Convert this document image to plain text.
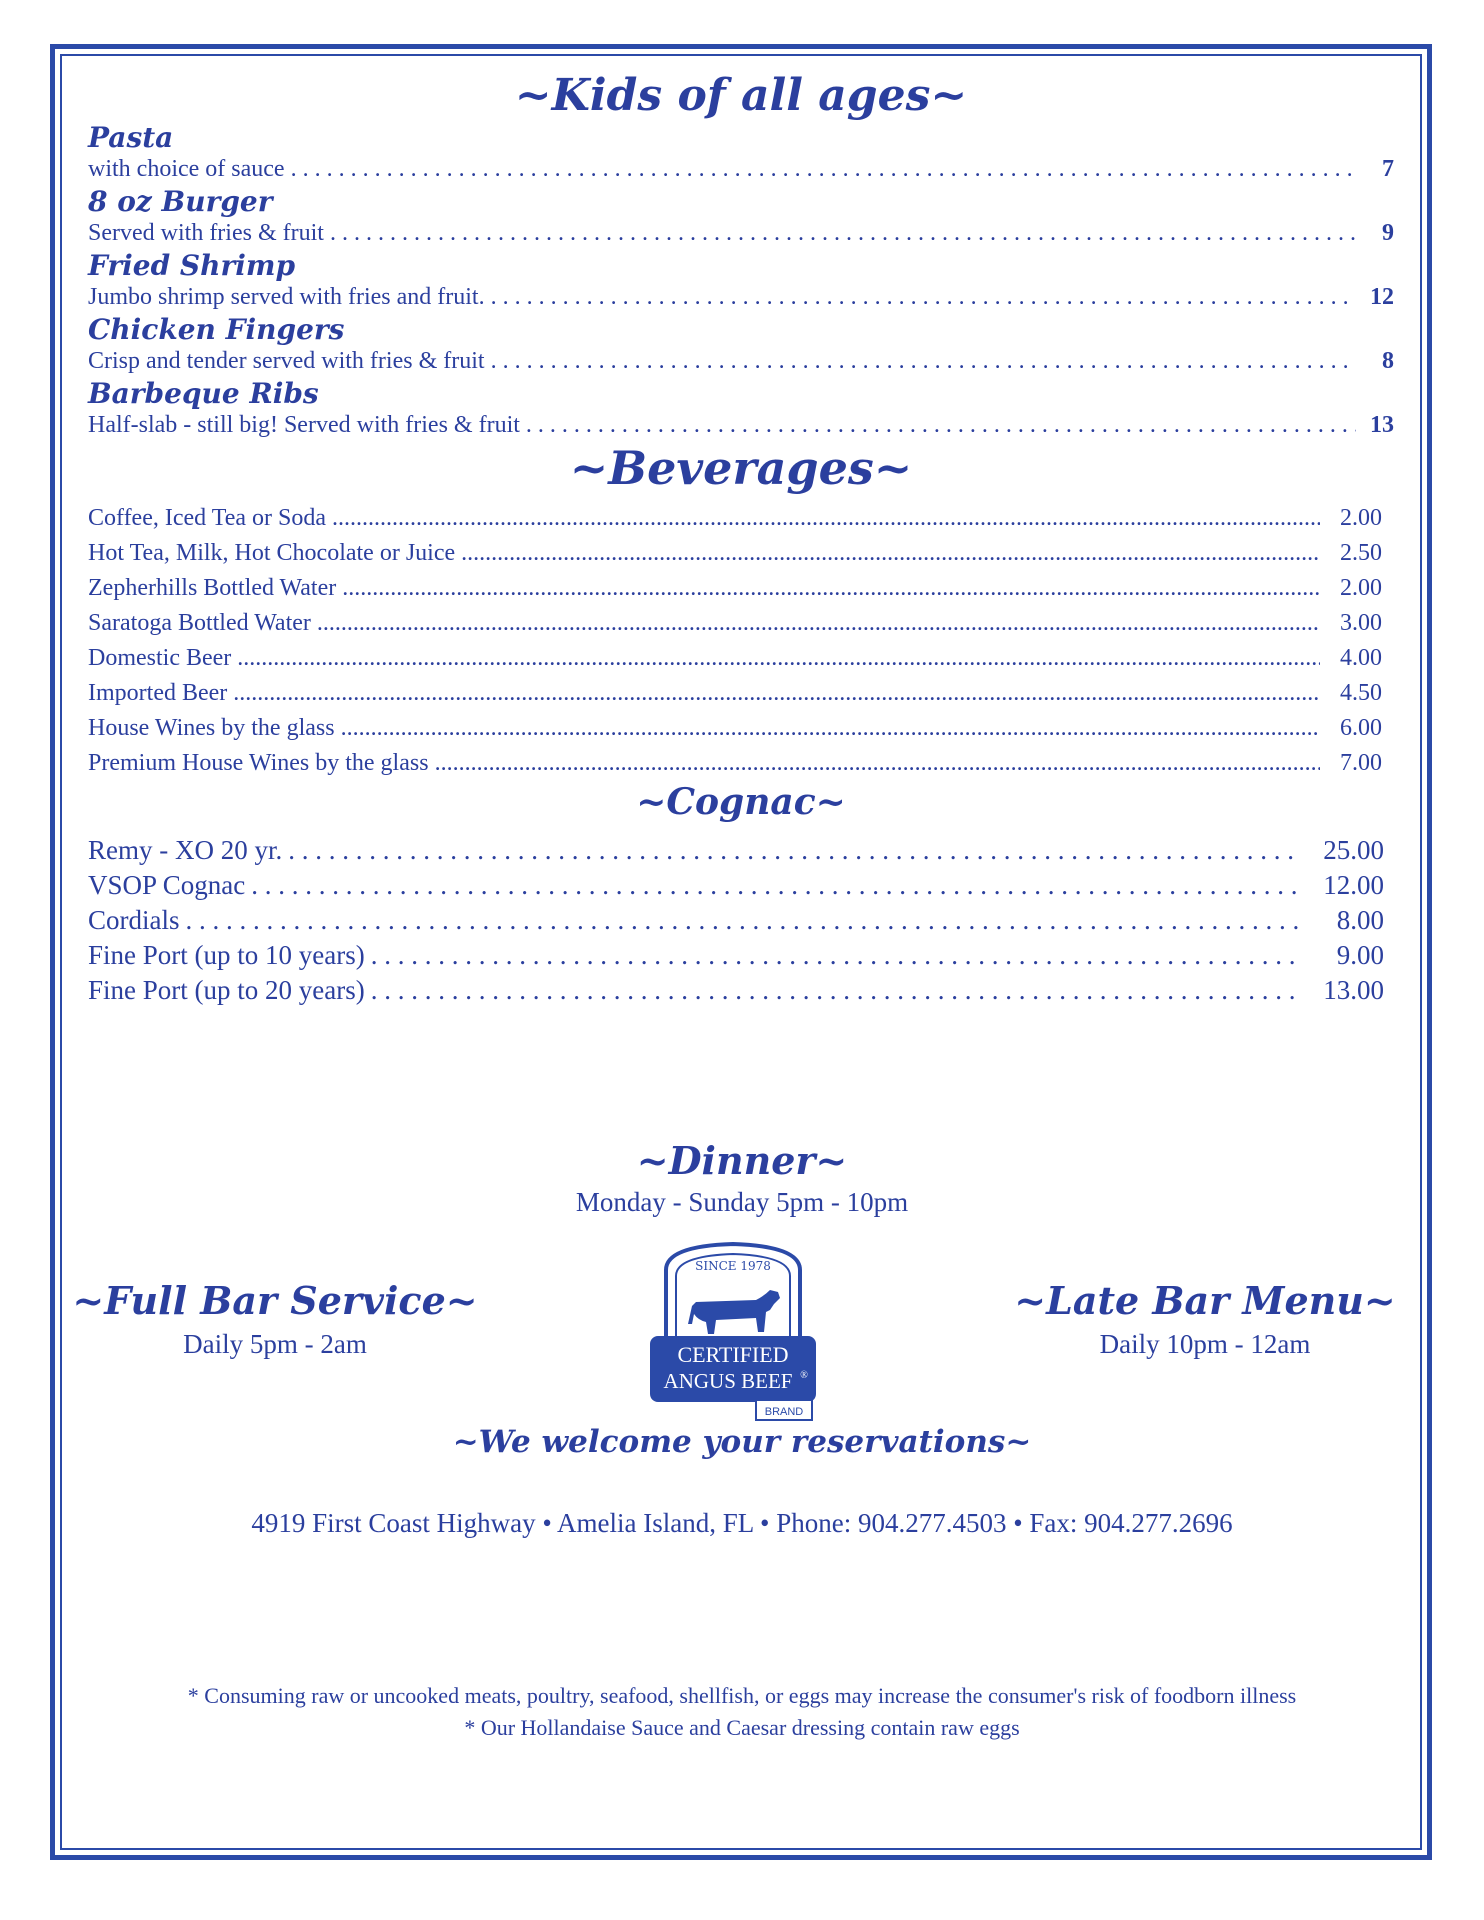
~Kids of all ages~
Pasta
with choice of sauce . . .	7
8 oz Burger
Served with fries & fruit . . .	9
Fried Shrimp
Jumbo shrimp served with fries and fruit. . . .	12
Chicken Fingers
Crisp and tender served with fries & fruit . . .	8
Barbeque Ribs
Half-slab - still big! Served with fries & fruit . . .	13
~Beverages~
Coffee, Iced Tea or Soda .....	2.00
Hot Tea, Milk, Hot Chocolate or Juice .....	2.50
Zepherhills Bottled Water .....	2.00
Saratoga Bottled Water .....	3.00
Domestic Beer .....	4.00
Imported Beer .....	4.50
House Wines by the glass .....	6.00
Premium House Wines by the glass .....	7.00
~Cognac~
Remy - XO 20 yr. . . .	25.00
VSOP Cognac . . .	12.00
Cordials . . .	8.00
Fine Port (up to 10 years) . . .	9.00
Fine Port (up to 20 years) . . .	13.00
~Dinner~
Monday - Sunday 5pm - 10pm
~Full Bar Service~
Daily 5pm - 2am
~Late Bar Menu~
Daily 10pm - 12am
SINCE 1978
CERTIFIED
ANGUS BEEF ®
BRAND
~We welcome your reservations~
4919 First Coast Highway • Amelia Island, FL • Phone: 904.277.4503 • Fax: 904.277.2696
* Consuming raw or uncooked meats, poultry, seafood, shellfish, or eggs may increase the consumer's risk of foodborn illness
* Our Hollandaise Sauce and Caesar dressing contain raw eggs
